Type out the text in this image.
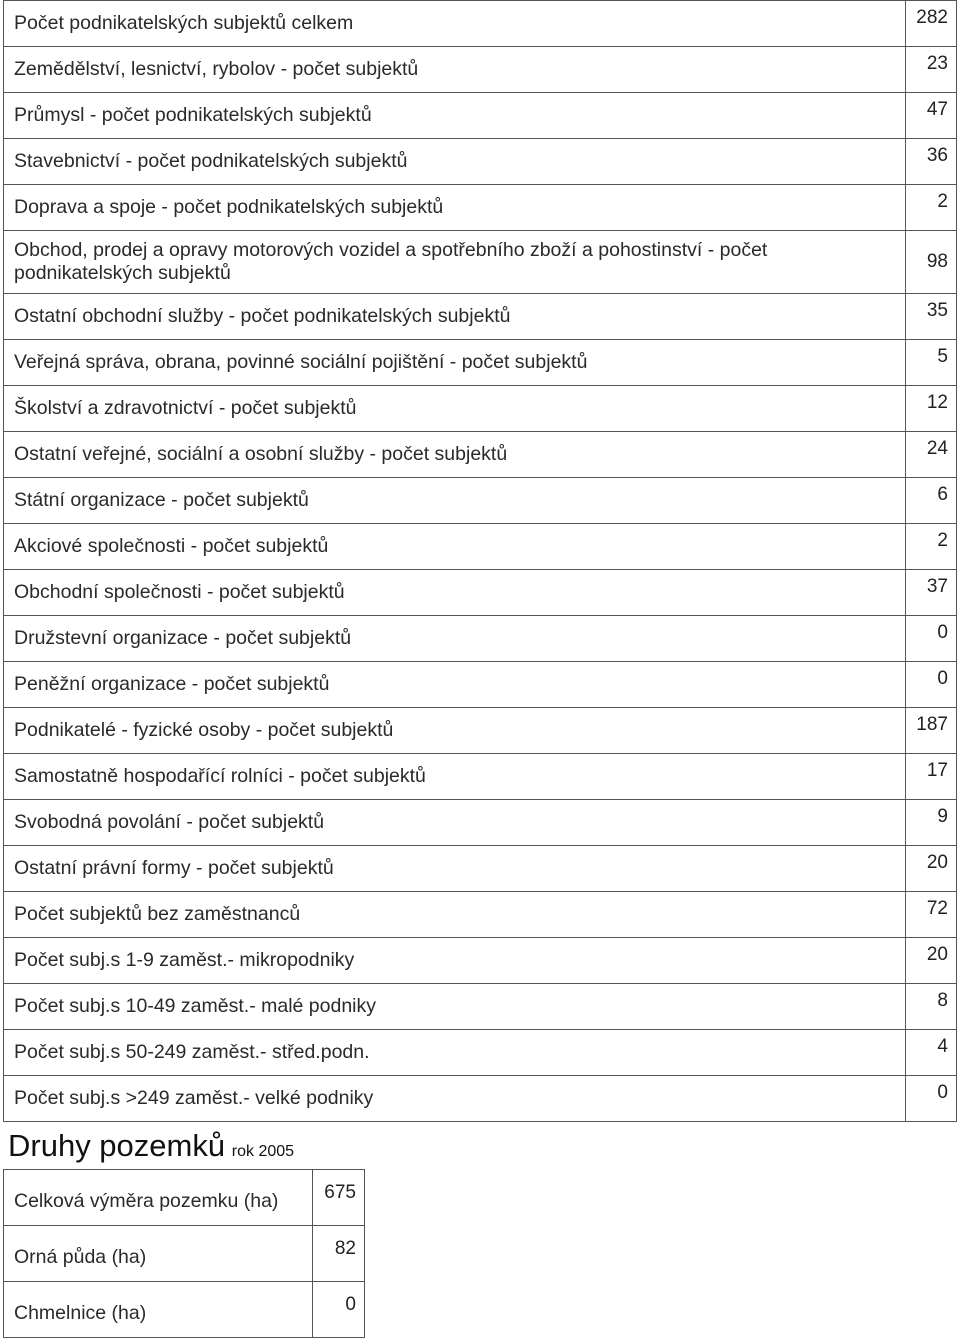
Počet podnikatelských subjektů celkem	282
Zemědělství, lesnictví, rybolov - počet subjektů	23
Průmysl - počet podnikatelských subjektů	47
Stavebnictví - počet podnikatelských subjektů	36
Doprava a spoje - počet podnikatelských subjektů	2
Obchod, prodej a opravy motorových vozidel a spotřebního zboží a pohostinství - počet podnikatelských subjektů	98
Ostatní obchodní služby - počet podnikatelských subjektů	35
Veřejná správa, obrana, povinné sociální pojištění - počet subjektů	5
Školství a zdravotnictví - počet subjektů	12
Ostatní veřejné, sociální a osobní služby - počet subjektů	24
Státní organizace - počet subjektů	6
Akciové společnosti - počet subjektů	2
Obchodní společnosti - počet subjektů	37
Družstevní organizace - počet subjektů	0
Peněžní organizace - počet subjektů	0
Podnikatelé - fyzické osoby - počet subjektů	187
Samostatně hospodařící rolníci - počet subjektů	17
Svobodná povolání - počet subjektů	9
Ostatní právní formy - počet subjektů	20
Počet subjektů bez zaměstnanců	72
Počet subj.s 1-9 zaměst.- mikropodniky	20
Počet subj.s 10-49 zaměst.- malé podniky	8
Počet subj.s 50-249 zaměst.- střed.podn.	4
Počet subj.s >249 zaměst.- velké podniky	0
Druhy pozemků rok 2005
Celková výměra pozemku (ha)	675
Orná půda (ha)	82
Chmelnice (ha)	0
